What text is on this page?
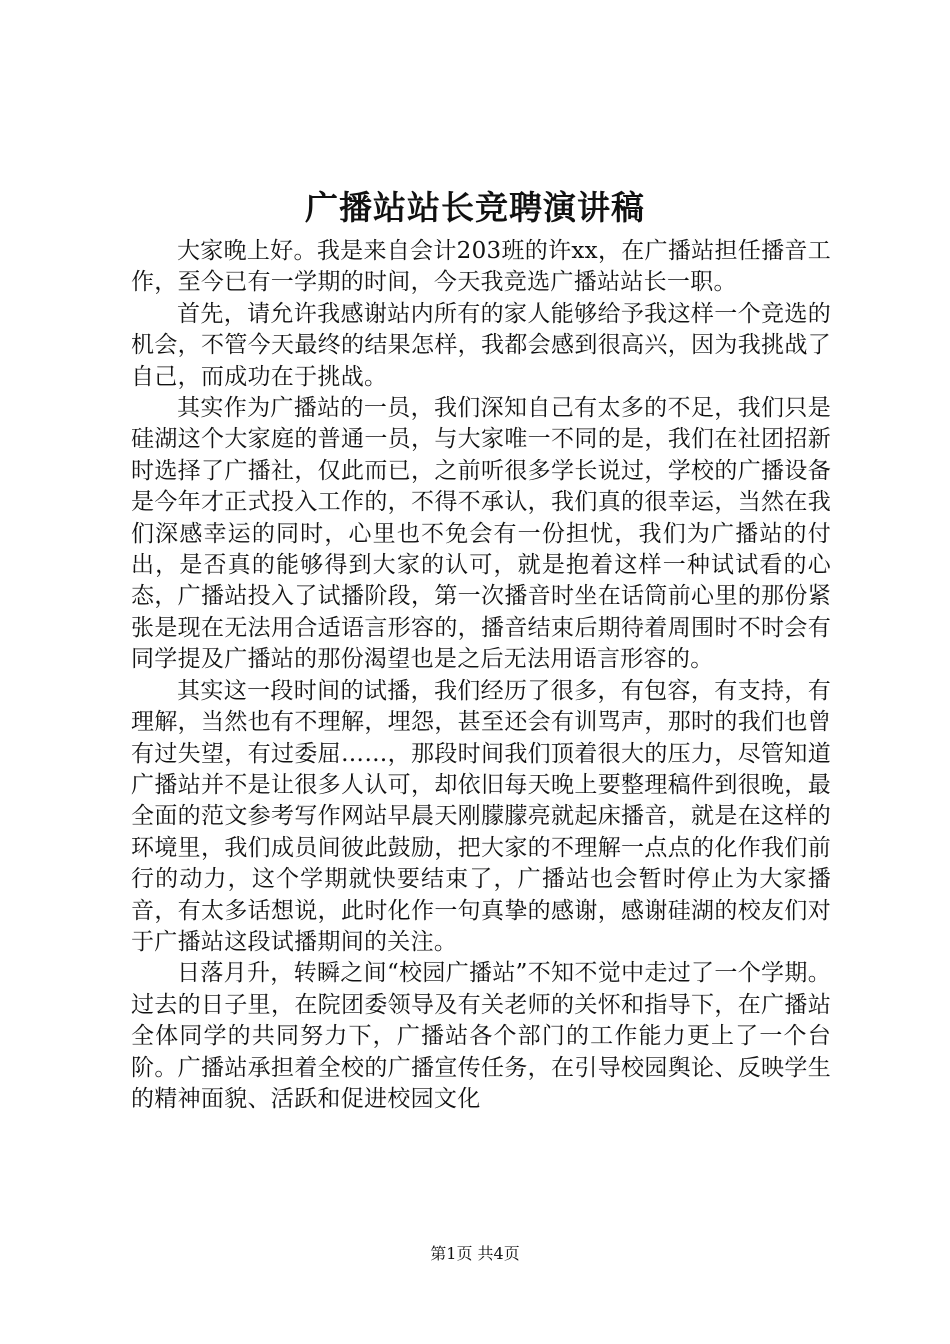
广播站站长竞聘演讲稿

大家晚上好。我是来自会计203班的许xx，在广播站担任播音工作，至今已有一学期的时间，今天我竞选广播站站长一职。

首先，请允许我感谢站内所有的家人能够给予我这样一个竞选的机会，不管今天最终的结果怎样，我都会感到很高兴，因为我挑战了自己，而成功在于挑战。

其实作为广播站的一员，我们深知自己有太多的不足，我们只是硅湖这个大家庭的普通一员，与大家唯一不同的是，我们在社团招新时选择了广播社，仅此而已，之前听很多学长说过，学校的广播设备是今年才正式投入工作的，不得不承认，我们真的很幸运，当然在我们深感幸运的同时，心里也不免会有一份担忧，我们为广播站的付出，是否真的能够得到大家的认可，就是抱着这样一种试试看的心态，广播站投入了试播阶段，第一次播音时坐在话筒前心里的那份紧张是现在无法用合适语言形容的，播音结束后期待着周围时不时会有同学提及广播站的那份渴望也是之后无法用语言形容的。

其实这一段时间的试播，我们经历了很多，有包容，有支持，有理解，当然也有不理解，埋怨，甚至还会有训骂声，那时的我们也曾有过失望，有过委屈……，那段时间我们顶着很大的压力，尽管知道广播站并不是让很多人认可，却依旧每天晚上要整理稿件到很晚，最全面的范文参考写作网站早晨天刚朦朦亮就起床播音，就是在这样的环境里，我们成员间彼此鼓励，把大家的不理解一点点的化作我们前行的动力，这个学期就快要结束了，广播站也会暂时停止为大家播音，有太多话想说，此时化作一句真挚的感谢，感谢硅湖的校友们对于广播站这段试播期间的关注。

日落月升，转瞬之间“校园广播站”不知不觉中走过了一个学期。过去的日子里，在院团委领导及有关老师的关怀和指导下，在广播站全体同学的共同努力下，广播站各个部门的工作能力更上了一个台阶。广播站承担着全校的广播宣传任务，在引导校园舆论、反映学生的精神面貌、活跃和促进校园文化

第1页 共4页
